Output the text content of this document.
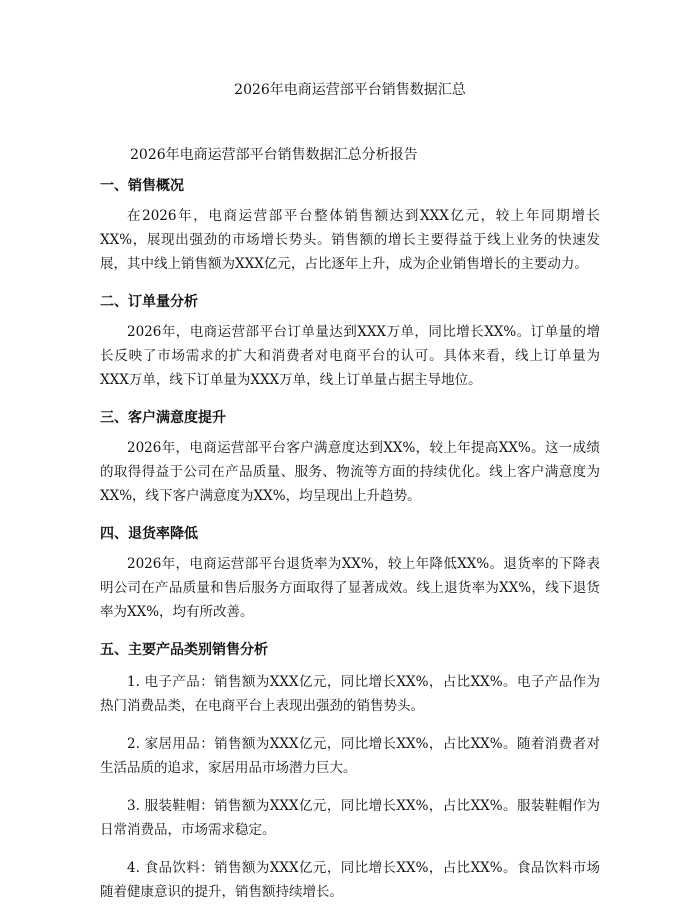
2026年电商运营部平台销售数据汇总
2026年电商运营部平台销售数据汇总分析报告
一、销售概况

在2026年，电商运营部平台整体销售额达到XXX亿元，较上年同期增长XX%，展现出强劲的市场增长势头。销售额的增长主要得益于线上业务的快速发展，其中线上销售额为XXX亿元，占比逐年上升，成为企业销售增长的主要动力。

二、订单量分析

2026年，电商运营部平台订单量达到XXX万单，同比增长XX%。订单量的增长反映了市场需求的扩大和消费者对电商平台的认可。具体来看，线上订单量为XXX万单，线下订单量为XXX万单，线上订单量占据主导地位。

三、客户满意度提升

2026年，电商运营部平台客户满意度达到XX%，较上年提高XX%。这一成绩的取得得益于公司在产品质量、服务、物流等方面的持续优化。线上客户满意度为XX%，线下客户满意度为XX%，均呈现出上升趋势。

四、退货率降低

2026年，电商运营部平台退货率为XX%，较上年降低XX%。退货率的下降表明公司在产品质量和售后服务方面取得了显著成效。线上退货率为XX%，线下退货率为XX%，均有所改善。

五、主要产品类别销售分析

1. 电子产品：销售额为XXX亿元，同比增长XX%，占比XX%。电子产品作为热门消费品类，在电商平台上表现出强劲的销售势头。

2. 家居用品：销售额为XXX亿元，同比增长XX%，占比XX%。随着消费者对生活品质的追求，家居用品市场潜力巨大。

3. 服装鞋帽：销售额为XXX亿元，同比增长XX%，占比XX%。服装鞋帽作为日常消费品，市场需求稳定。

4. 食品饮料：销售额为XXX亿元，同比增长XX%，占比XX%。食品饮料市场随着健康意识的提升，销售额持续增长。
